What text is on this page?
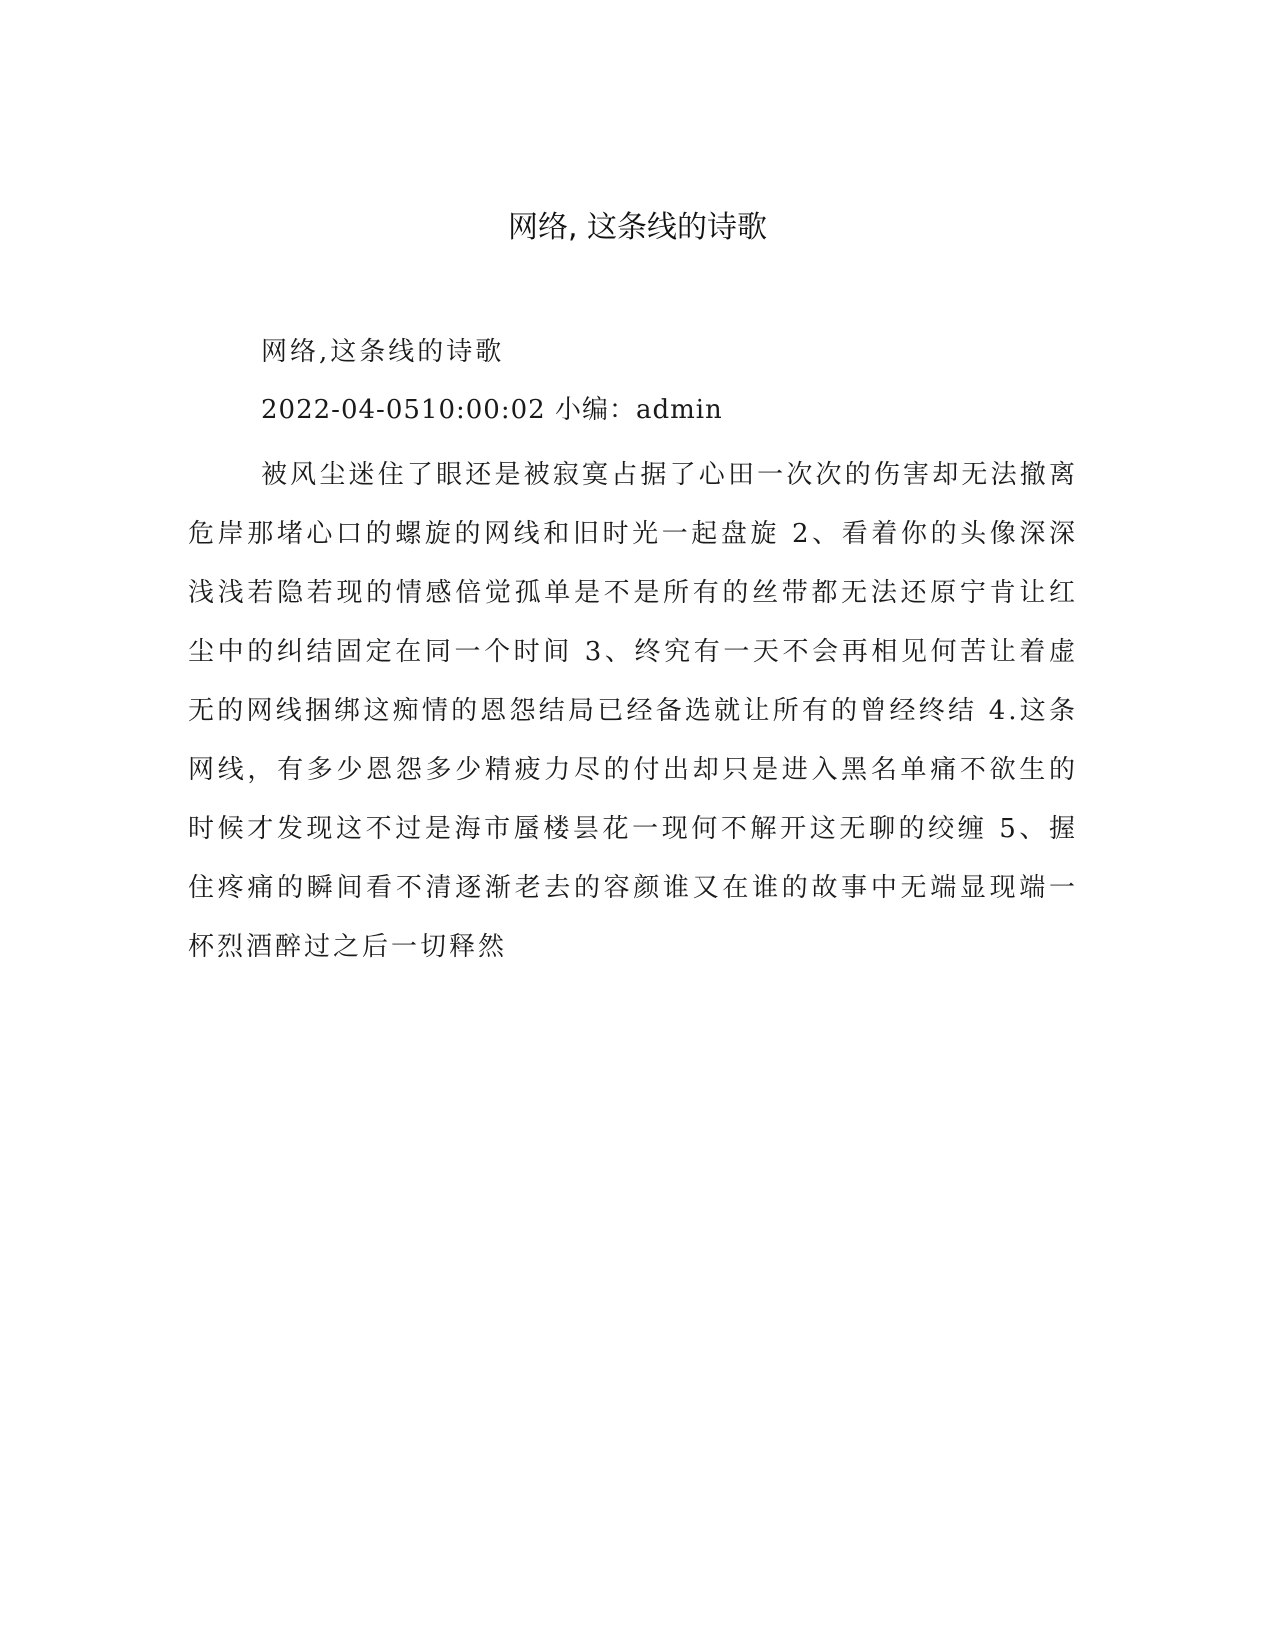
网络, 这条线的诗歌

网络,这条线的诗歌

2022-04-0510:00:02 小编：admin

被风尘迷住了眼还是被寂寞占据了心田一次次的伤害却无法撤离危岸那堵心口的螺旋的网线和旧时光一起盘旋 2、看着你的头像深深浅浅若隐若现的情感倍觉孤单是不是所有的丝带都无法还原宁肯让红尘中的纠结固定在同一个时间 3、终究有一天不会再相见何苦让着虚无的网线捆绑这痴情的恩怨结局已经备选就让所有的曾经终结 4.这条网线，有多少恩怨多少精疲力尽的付出却只是进入黑名单痛不欲生的时候才发现这不过是海市蜃楼昙花一现何不解开这无聊的绞缠 5、握住疼痛的瞬间看不清逐渐老去的容颜谁又在谁的故事中无端显现端一杯烈酒醉过之后一切释然
